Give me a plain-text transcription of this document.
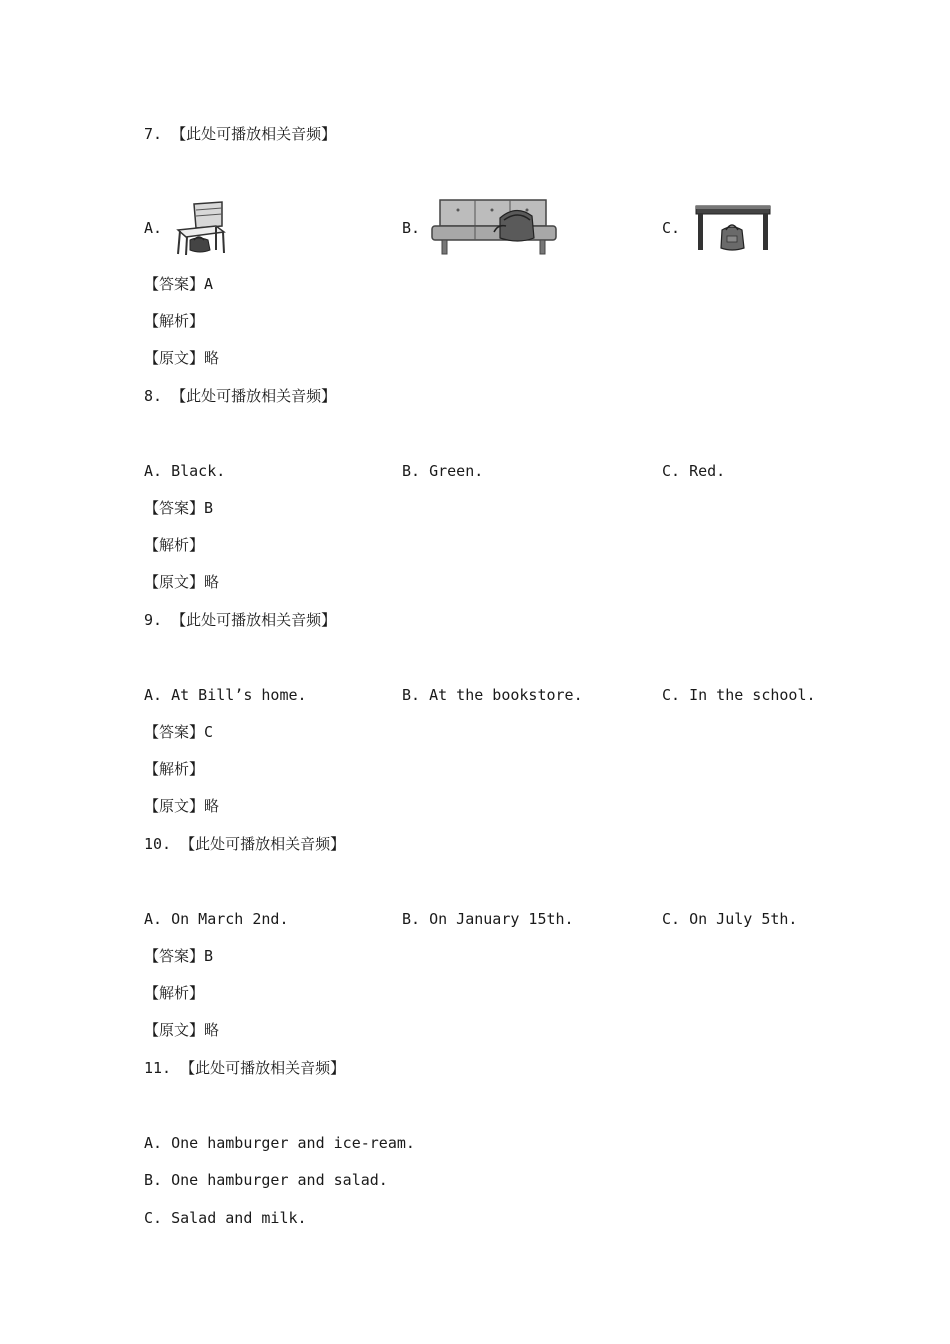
7. 【此处可播放相关音频】
A.	B.	C.
【答案】A
【解析】
【原文】略
8. 【此处可播放相关音频】
A. Black.	B. Green.	C. Red.
【答案】B
【解析】
【原文】略
9. 【此处可播放相关音频】
A. At Bill’s home.	B. At the bookstore.	C. In the school.
【答案】C
【解析】
【原文】略
10. 【此处可播放相关音频】
A. On March 2nd.	B. On January 15th.	C. On July 5th.
【答案】B
【解析】
【原文】略
11. 【此处可播放相关音频】
A. One hamburger and ice-ream.
B. One hamburger and salad.
C. Salad and milk.
